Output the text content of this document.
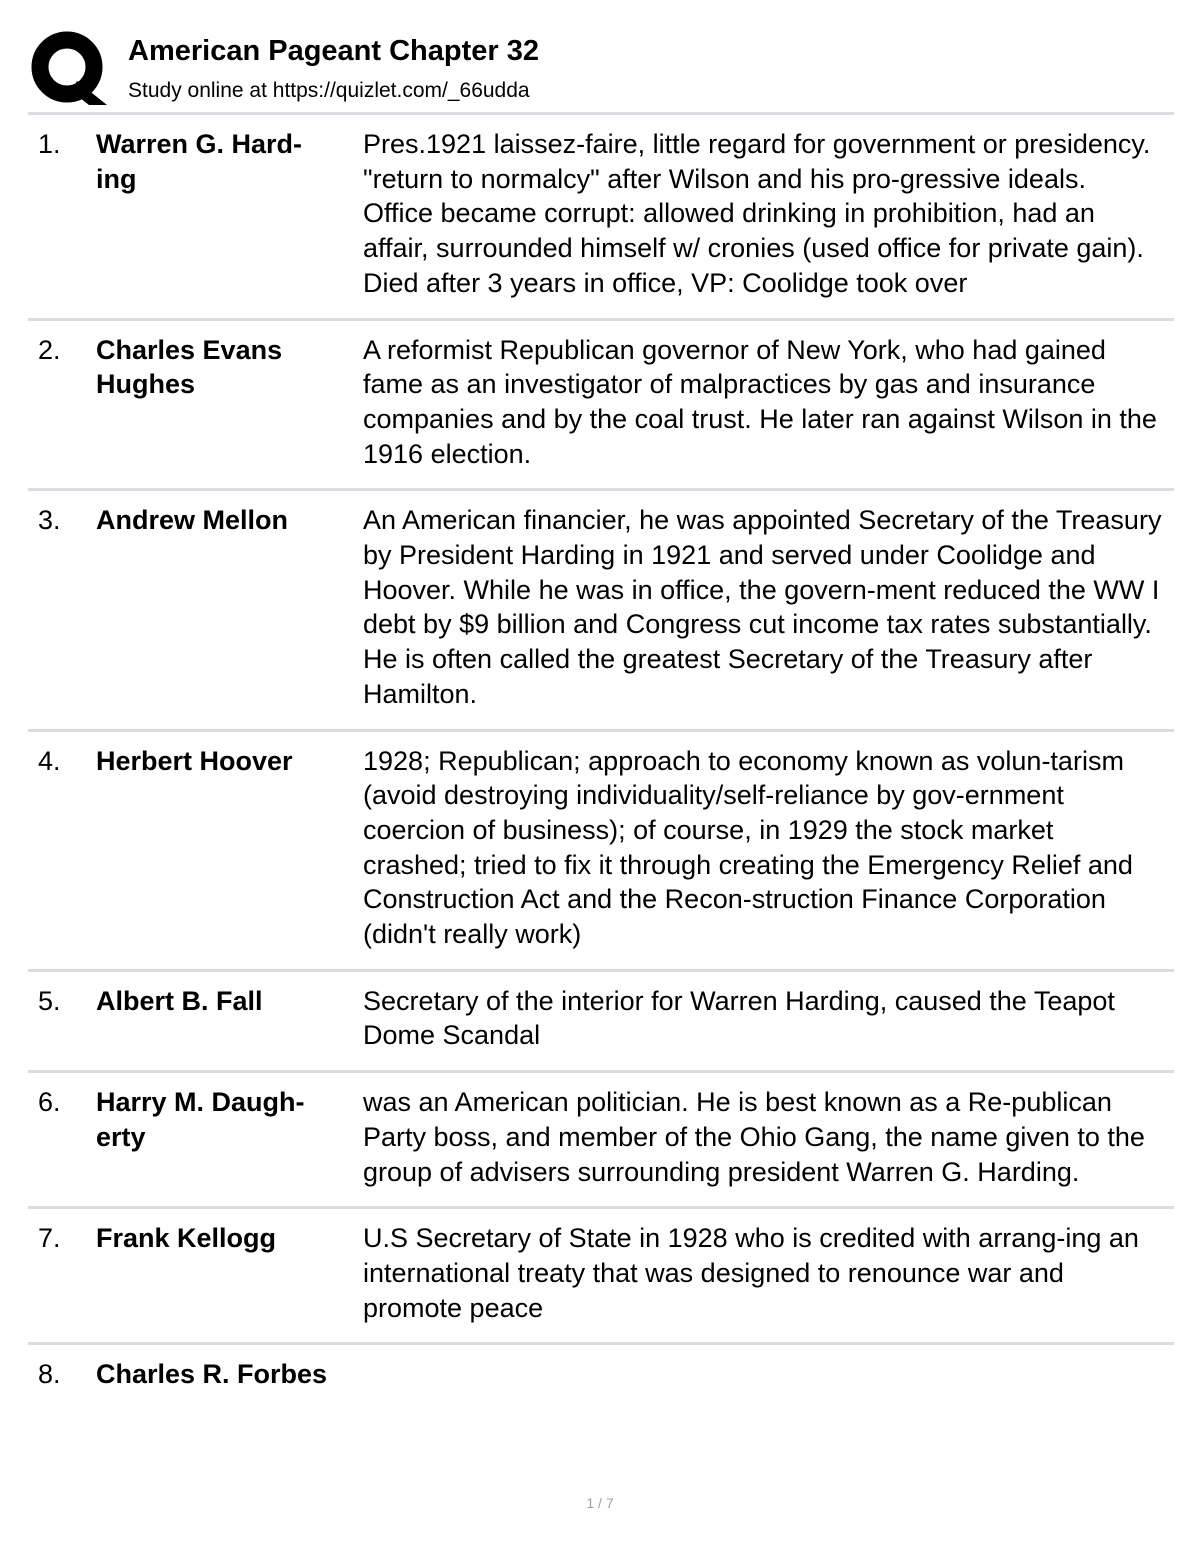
American Pageant Chapter 32
Study online at https://quizlet.com/_66udda
1. Warren G. Hard-ing
Pres.1921 laissez-faire, little regard for government or presidency. "return to normalcy" after Wilson and his pro-gressive ideals. Office became corrupt: allowed drinking in prohibition, had an affair, surrounded himself w/ cronies (used office for private gain). Died after 3 years in office, VP: Coolidge took over
2. Charles Evans Hughes
A reformist Republican governor of New York, who had gained fame as an investigator of malpractices by gas and insurance companies and by the coal trust. He later ran against Wilson in the 1916 election.
3. Andrew Mellon	An American financier, he was appointed Secretary of the Treasury by President Harding in 1921 and served under Coolidge and Hoover. While he was in office, the govern-ment reduced the WW I debt by $9 billion and Congress cut income tax rates substantially. He is often called the greatest Secretary of the Treasury after Hamilton.
4. Herbert Hoover	1928; Republican; approach to economy known as volun-tarism (avoid destroying individuality/self-reliance by gov-ernment coercion of business); of course, in 1929 the stock market crashed; tried to fix it through creating the Emergency Relief and Construction Act and the Recon-struction Finance Corporation (didn't really work)
5. Albert B. Fall	Secretary of the interior for Warren Harding, caused the Teapot Dome Scandal
6. Harry M. Daugh-erty
was an American politician. He is best known as a Re-publican Party boss, and member of the Ohio Gang, the name given to the group of advisers surrounding president Warren G. Harding.
7. Frank Kellogg	U.S Secretary of State in 1928 who is credited with arrang-ing an international treaty that was designed to renounce war and promote peace
8. Charles R. Forbes
1 / 7
